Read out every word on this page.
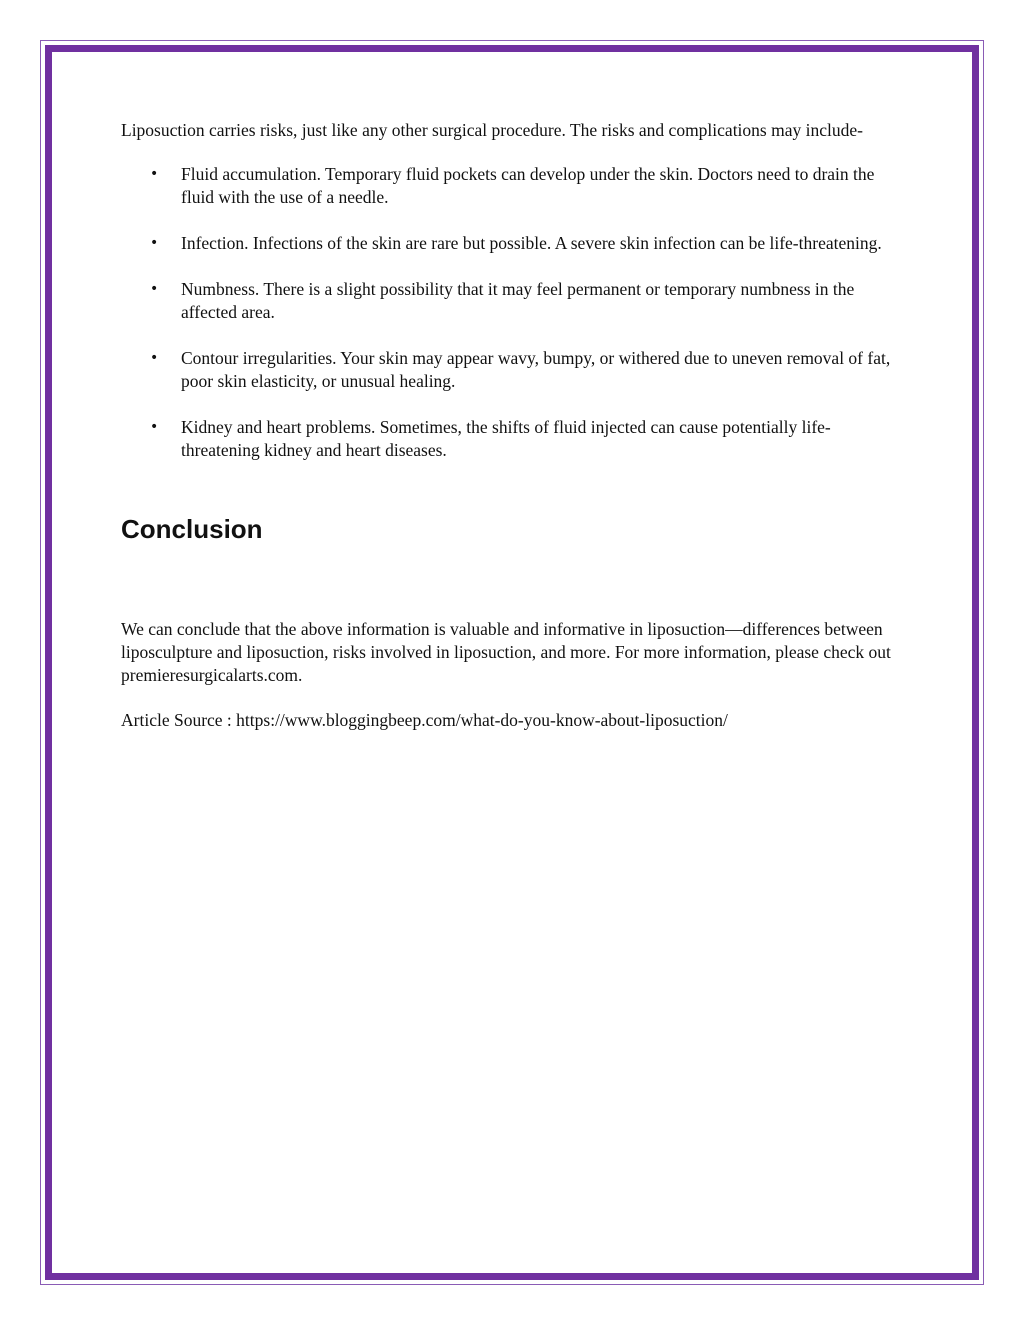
Liposuction carries risks, just like any other surgical procedure. The risks and complications may include-

• Fluid accumulation. Temporary fluid pockets can develop under the skin. Doctors need to drain the fluid with the use of a needle.
• Infection. Infections of the skin are rare but possible. A severe skin infection can be life-threatening.
• Numbness. There is a slight possibility that it may feel permanent or temporary numbness in the affected area.
• Contour irregularities. Your skin may appear wavy, bumpy, or withered due to uneven removal of fat, poor skin elasticity, or unusual healing.
• Kidney and heart problems. Sometimes, the shifts of fluid injected can cause potentially life-threatening kidney and heart diseases.
Conclusion

We can conclude that the above information is valuable and informative in liposuction—differences between liposculpture and liposuction, risks involved in liposuction, and more. For more information, please check out premieresurgicalarts.com.

Article Source : https://www.bloggingbeep.com/what-do-you-know-about-liposuction/
